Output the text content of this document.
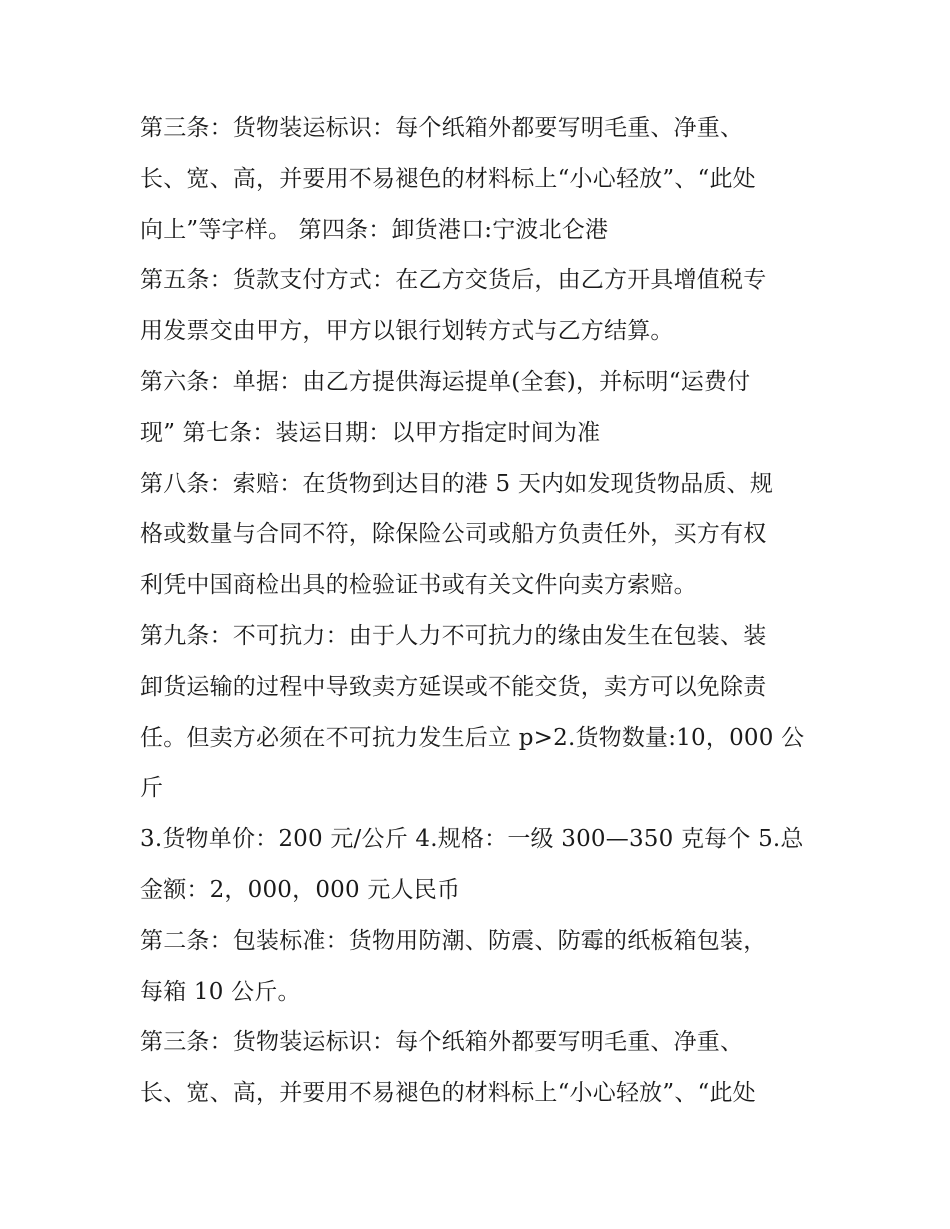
第三条：货物装运标识：每个纸箱外都要写明毛重、净重、
长、宽、高，并要用不易褪色的材料标上“小心轻放”、“此处
向上”等字样。 第四条：卸货港口:宁波北仑港
第五条：货款支付方式：在乙方交货后，由乙方开具增值税专
用发票交由甲方，甲方以银行划转方式与乙方结算。
第六条：单据：由乙方提供海运提单(全套)，并标明“运费付
现” 第七条：装运日期：以甲方指定时间为准
第八条：索赔：在货物到达目的港 5 天内如发现货物品质、规
格或数量与合同不符，除保险公司或船方负责任外，买方有权
利凭中国商检出具的检验证书或有关文件向卖方索赔。
第九条：不可抗力：由于人力不可抗力的缘由发生在包装、装
卸货运输的过程中导致卖方延误或不能交货，卖方可以免除责
任。但卖方必须在不可抗力发生后立 p>2.货物数量:10，000 公
斤
3.货物单价：200 元/公斤 4.规格：一级 300—350 克每个 5.总
金额：2，000，000 元人民币
第二条：包装标准：货物用防潮、防震、防霉的纸板箱包装，
每箱 10 公斤。
第三条：货物装运标识：每个纸箱外都要写明毛重、净重、
长、宽、高，并要用不易褪色的材料标上“小心轻放”、“此处
